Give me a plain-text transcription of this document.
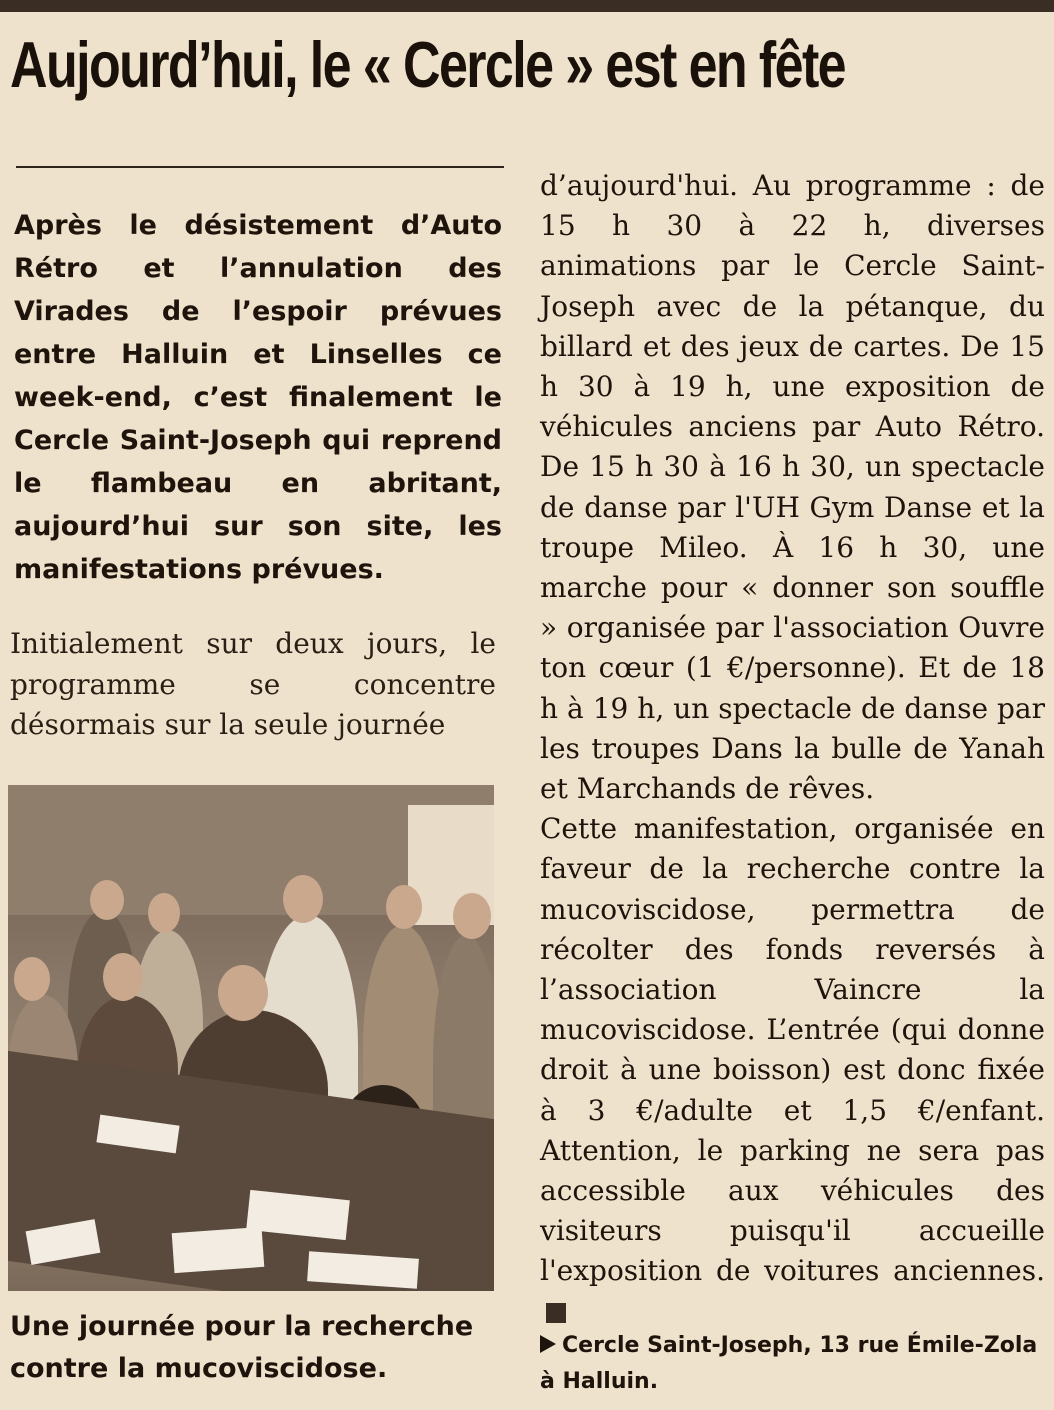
Aujourd’hui, le « Cercle » est en fête

Après le désistement d’Auto Rétro et l’annulation des Virades de l’espoir prévues entre Halluin et Linselles ce week-end, c’est finalement le Cercle Saint-Joseph qui reprend le flambeau en abritant, aujourd’hui sur son site, les manifestations prévues.

Initialement sur deux jours, le programme se concentre désormais sur la seule journée

Une journée pour la recherche contre la mucoviscidose.

d’aujourd'hui. Au programme : de 15 h 30 à 22 h, diverses animations par le Cercle Saint-Joseph avec de la pétanque, du billard et des jeux de cartes. De 15 h 30 à 19 h, une exposition de véhicules anciens par Auto Rétro. De 15 h 30 à 16 h 30, un spectacle de danse par l'UH Gym Danse et la troupe Mileo. À 16 h 30, une marche pour « donner son souffle » organisée par l'association Ouvre ton cœur (1 €/personne). Et de 18 h à 19 h, un spectacle de danse par les troupes Dans la bulle de Yanah et Marchands de rêves.

Cette manifestation, organisée en faveur de la recherche contre la mucoviscidose, permettra de récolter des fonds reversés à l’association Vaincre la mucoviscidose. L’entrée (qui donne droit à une boisson) est donc fixée à 3 €/adulte et 1,5 €/enfant. Attention, le parking ne sera pas accessible aux véhicules des visiteurs puisqu'il accueille l'exposition de voitures anciennes.

Cercle Saint-Joseph, 13 rue Émile-Zola à Halluin.
